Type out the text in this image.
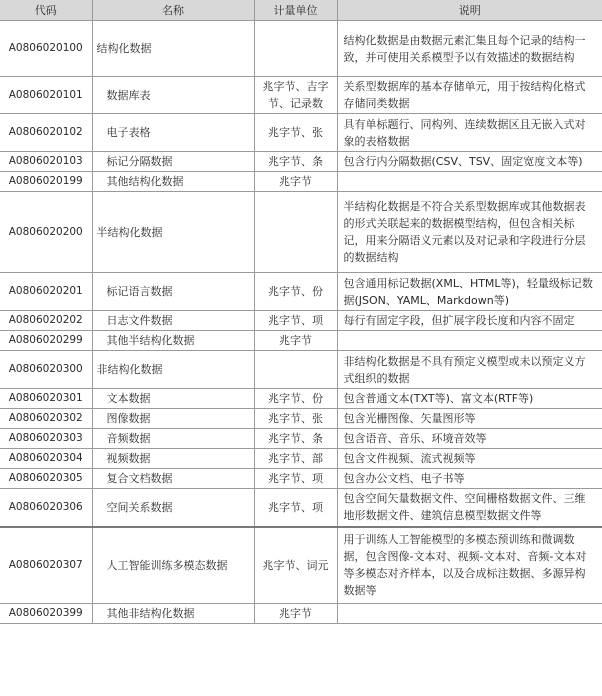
代码	名称	计量单位	说明
A0806020100	结构化数据		结构化数据是由数据元素汇集且每个记录的结构一致，并可使用关系模型予以有效描述的数据结构
A0806020101	数据库表	兆字节、吉字节、记录数	关系型数据库的基本存储单元，用于按结构化格式存储同类数据
A0806020102	电子表格	兆字节、张	具有单标题行、同构列、连续数据区且无嵌入式对象的表格数据
A0806020103	标记分隔数据	兆字节、条	包含行内分隔数据(CSV、TSV、固定宽度文本等)
A0806020199	其他结构化数据	兆字节	
A0806020200	半结构化数据		半结构化数据是不符合关系型数据库或其他数据表的形式关联起来的数据模型结构，但包含相关标记，用来分隔语义元素以及对记录和字段进行分层的数据结构
A0806020201	标记语言数据	兆字节、份	包含通用标记数据(XML、HTML等)，轻量级标记数据(JSON、YAML、Markdown等)
A0806020202	日志文件数据	兆字节、项	每行有固定字段，但扩展字段长度和内容不固定
A0806020299	其他半结构化数据	兆字节	
A0806020300	非结构化数据		非结构化数据是不具有预定义模型或未以预定义方式组织的数据
A0806020301	文本数据	兆字节、份	包含普通文本(TXT等)、富文本(RTF等)
A0806020302	图像数据	兆字节、张	包含光栅图像、矢量图形等
A0806020303	音频数据	兆字节、条	包含语音、音乐、环境音效等
A0806020304	视频数据	兆字节、部	包含文件视频、流式视频等
A0806020305	复合文档数据	兆字节、项	包含办公文档、电子书等
A0806020306	空间关系数据	兆字节、项	包含空间矢量数据文件、空间栅格数据文件、三维地形数据文件、建筑信息模型数据文件等
A0806020307	人工智能训练多模态数据	兆字节、词元	用于训练人工智能模型的多模态预训练和微调数据，包含图像-文本对、视频-文本对、音频-文本对等多模态对齐样本，以及合成标注数据、多源异构数据等
A0806020399	其他非结构化数据	兆字节	
